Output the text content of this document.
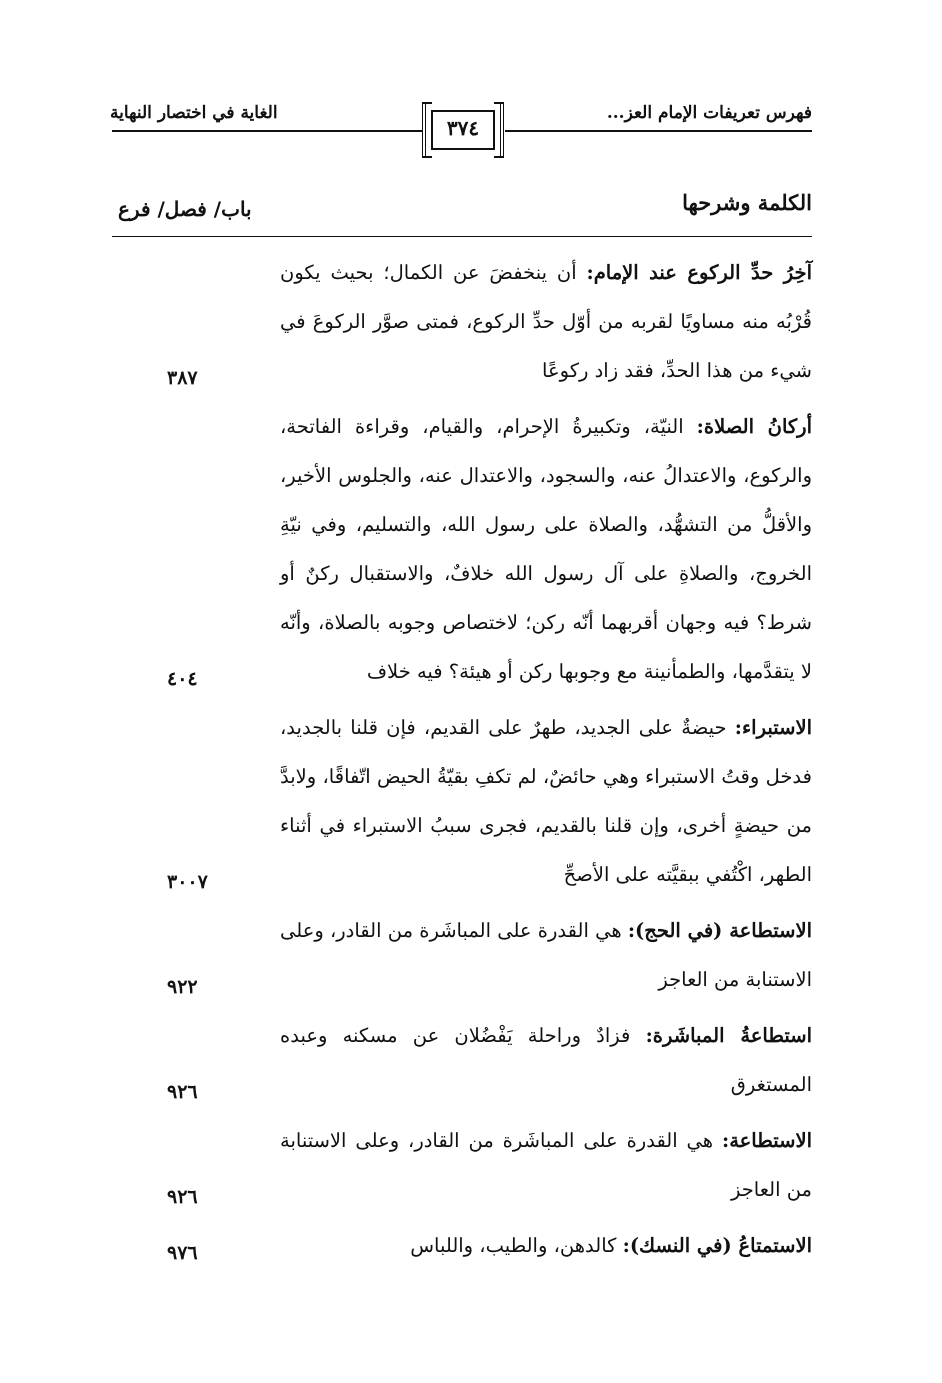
فهرس تعريفات الإمام العز...
٣٧٤
الغاية في اختصار النهاية
الكلمة وشرحها
باب/ فصل/ فرع
آخِرُ حدِّ الركوع عند الإمام: أن ينخفضَ عن الكمال؛ بحيث يكون قُرْبُه منه مساويًا لقربه من أوّل حدِّ الركوع، فمتى صوَّر الركوعَ في شيء من هذا الحدِّ، فقد زاد ركوعًا
٣٨٧
أركانُ الصلاة: النيّة، وتكبيرةُ الإحرام، والقيام، وقراءة الفاتحة، والركوع، والاعتدالُ عنه، والسجود، والاعتدال عنه، والجلوس الأخير، والأقلُّ من التشهُّد، والصلاة على رسول الله، والتسليم، وفي نيّةِ الخروج، والصلاةِ على آل رسول الله خلافٌ، والاستقبال ركنٌ أو شرط؟ فيه وجهان أقربهما أنّه ركن؛ لاختصاص وجوبه بالصلاة، وأنّه لا يتقدَّمها، والطمأنينة مع وجوبها ركن أو هيئة؟ فيه خلاف
٤٠٤
الاستبراء: حيضةٌ على الجديد، طهرٌ على القديم، فإن قلنا بالجديد، فدخل وقتُ الاستبراء وهي حائضٌ، لم تكفِ بقيّةُ الحيض اتّفاقًا، ولابدَّ من حيضةٍ أخرى، وإن قلنا بالقديم، فجرى سببُ الاستبراء في أثناء الطهر، اكْتُفي ببقيَّته على الأصحِّ
٣٠٠٧
الاستطاعة (في الحج): هي القدرة على المباشَرة من القادر، وعلى الاستنابة من العاجز
٩٢٢
استطاعةُ المباشَرة: فزادٌ وراحلة يَفْضُلان عن مسكنه وعبده المستغرق
٩٢٦
الاستطاعة: هي القدرة على المباشَرة من القادر، وعلى الاستنابة من العاجز
٩٢٦
الاستمتاعُ (في النسك): كالدهن، والطيب، واللباس
٩٧٦
